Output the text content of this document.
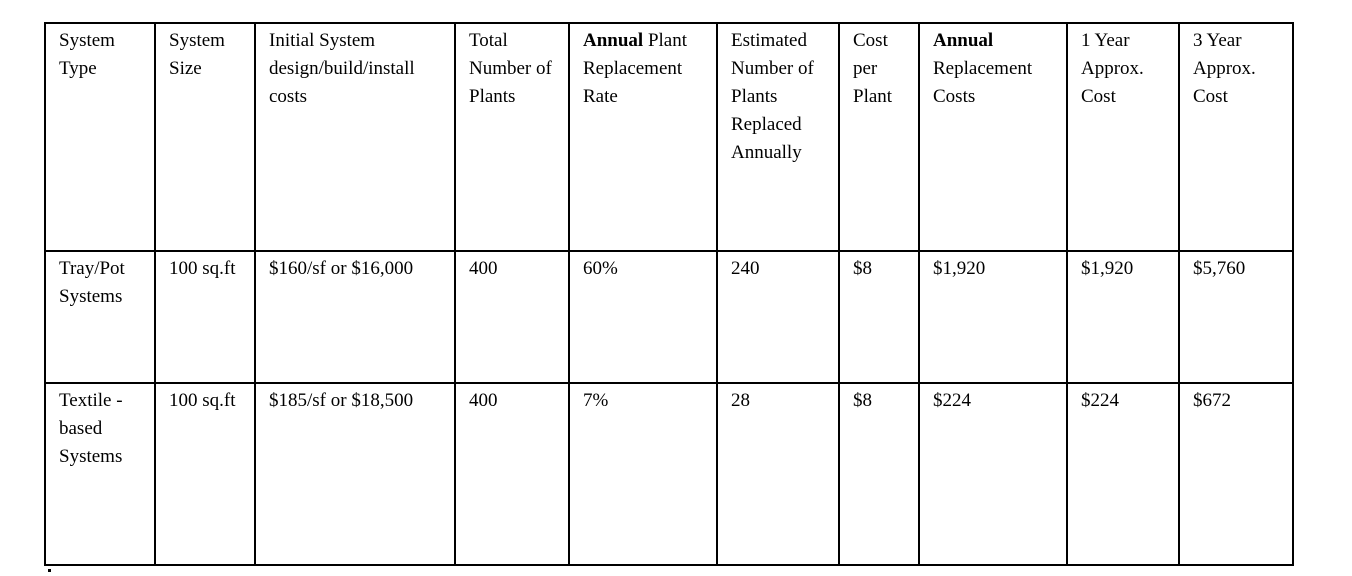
System Type	System Size	Initial System design/build/install costs	Total Number of Plants	Annual Plant Replacement Rate	Estimated Number of Plants Replaced Annually	Cost per Plant	Annual Replacement Costs	1 Year Approx. Cost	3 Year Approx. Cost
Tray/Pot Systems	100 sq.ft	$160/sf or $16,000	400	60%	240	$8	$1,920	$1,920	$5,760
Textile - based Systems	100 sq.ft	$185/sf or $18,500	400	7%	28	$8	$224	$224	$672
